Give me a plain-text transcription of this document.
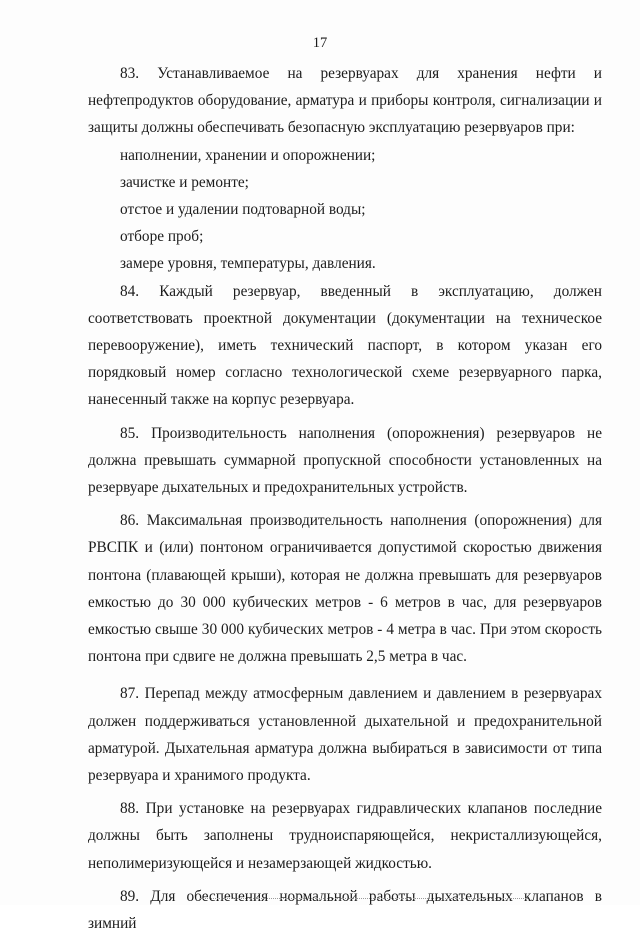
17

83. Устанавливаемое на резервуарах для хранения нефти и нефтепродуктов оборудование, арматура и приборы контроля, сигнализации и защиты должны обеспечивать безопасную эксплуатацию резервуаров при:

наполнении, хранении и опорожнении;
зачистке и ремонте;
отстое и удалении подтоварной воды;
отборе проб;
замере уровня, температуры, давления.

84. Каждый резервуар, введенный в эксплуатацию, должен соответствовать проектной документации (документации на техническое перевооружение), иметь технический паспорт, в котором указан его порядковый номер согласно технологической схеме резервуарного парка, нанесенный также на корпус резервуара.

85. Производительность наполнения (опорожнения) резервуаров не должна превышать суммарной пропускной способности установленных на резервуаре дыхательных и предохранительных устройств.

86. Максимальная производительность наполнения (опорожнения) для РВСПК и (или) понтоном ограничивается допустимой скоростью движения понтона (плавающей крыши), которая не должна превышать для резервуаров емкостью до 30 000 кубических метров - 6 метров в час, для резервуаров емкостью свыше 30 000 кубических метров - 4 метра в час. При этом скорость понтона при сдвиге не должна превышать 2,5 метра в час.

87. Перепад между атмосферным давлением и давлением в резервуарах должен поддерживаться установленной дыхательной и предохранительной арматурой. Дыхательная арматура должна выбираться в зависимости от типа резервуара и хранимого продукта.

88. При установке на резервуарах гидравлических клапанов последние должны быть заполнены трудноиспаряющейся, некристаллизующейся, неполимеризующейся и незамерзающей жидкостью.

89. Для обеспечения нормальной работы дыхательных клапанов в зимний
